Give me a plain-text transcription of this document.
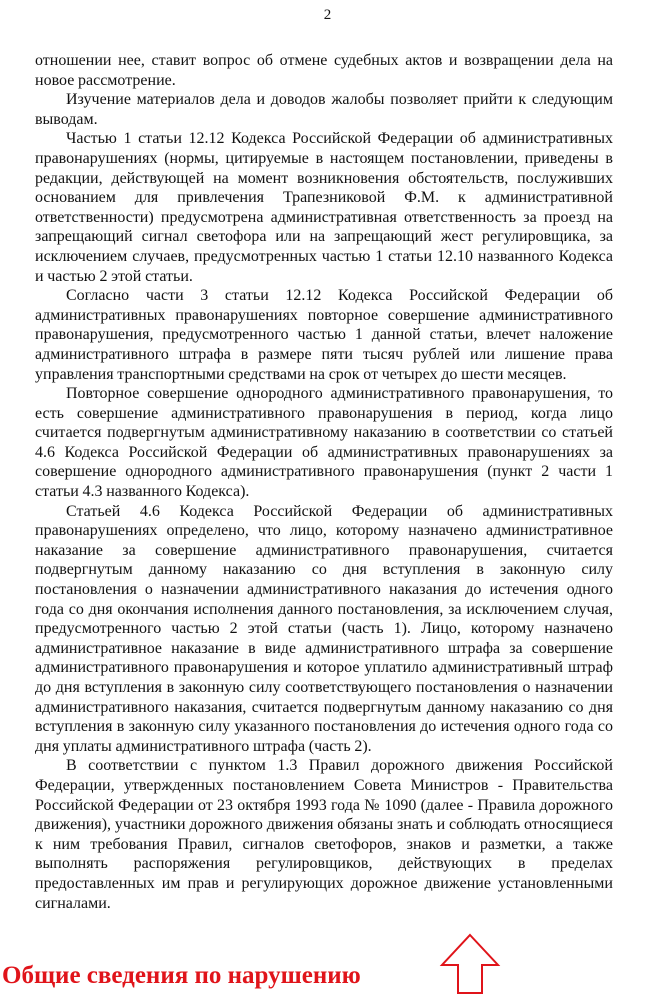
2

отношении нее, ставит вопрос об отмене судебных актов и возвращении дела на новое рассмотрение.

Изучение материалов дела и доводов жалобы позволяет прийти к следующим выводам.

Частью 1 статьи 12.12 Кодекса Российской Федерации об административных правонарушениях (нормы, цитируемые в настоящем постановлении, приведены в редакции, действующей на момент возникновения обстоятельств, послуживших основанием для привлечения Трапезниковой Ф.М. к административной ответственности) предусмотрена административная ответственность за проезд на запрещающий сигнал светофора или на запрещающий жест регулировщика, за исключением случаев, предусмотренных частью 1 статьи 12.10 названного Кодекса и частью 2 этой статьи.

Согласно части 3 статьи 12.12 Кодекса Российской Федерации об административных правонарушениях повторное совершение административного правонарушения, предусмотренного частью 1 данной статьи, влечет наложение административного штрафа в размере пяти тысяч рублей или лишение права управления транспортными средствами на срок от четырех до шести месяцев.

Повторное совершение однородного административного правонарушения, то есть совершение административного правонарушения в период, когда лицо считается подвергнутым административному наказанию в соответствии со статьей 4.6 Кодекса Российской Федерации об административных правонарушениях за совершение однородного административного правонарушения (пункт 2 части 1 статьи 4.3 названного Кодекса).

Статьей 4.6 Кодекса Российской Федерации об административных правонарушениях определено, что лицо, которому назначено административное наказание за совершение административного правонарушения, считается подвергнутым данному наказанию со дня вступления в законную силу постановления о назначении административного наказания до истечения одного года со дня окончания исполнения данного постановления, за исключением случая, предусмотренного частью 2 этой статьи (часть 1). Лицо, которому назначено административное наказание в виде административного штрафа за совершение административного правонарушения и которое уплатило административный штраф до дня вступления в законную силу соответствующего постановления о назначении административного наказания, считается подвергнутым данному наказанию со дня вступления в законную силу указанного постановления до истечения одного года со дня уплаты административного штрафа (часть 2).

В соответствии с пунктом 1.3 Правил дорожного движения Российской Федерации, утвержденных постановлением Совета Министров - Правительства Российской Федерации от 23 октября 1993 года № 1090 (далее - Правила дорожного движения), участники дорожного движения обязаны знать и соблюдать относящиеся к ним требования Правил, сигналов светофоров, знаков и разметки, а также выполнять распоряжения регулировщиков, действующих в пределах предоставленных им прав и регулирующих дорожное движение установленными сигналами.

Общие сведения по нарушению
